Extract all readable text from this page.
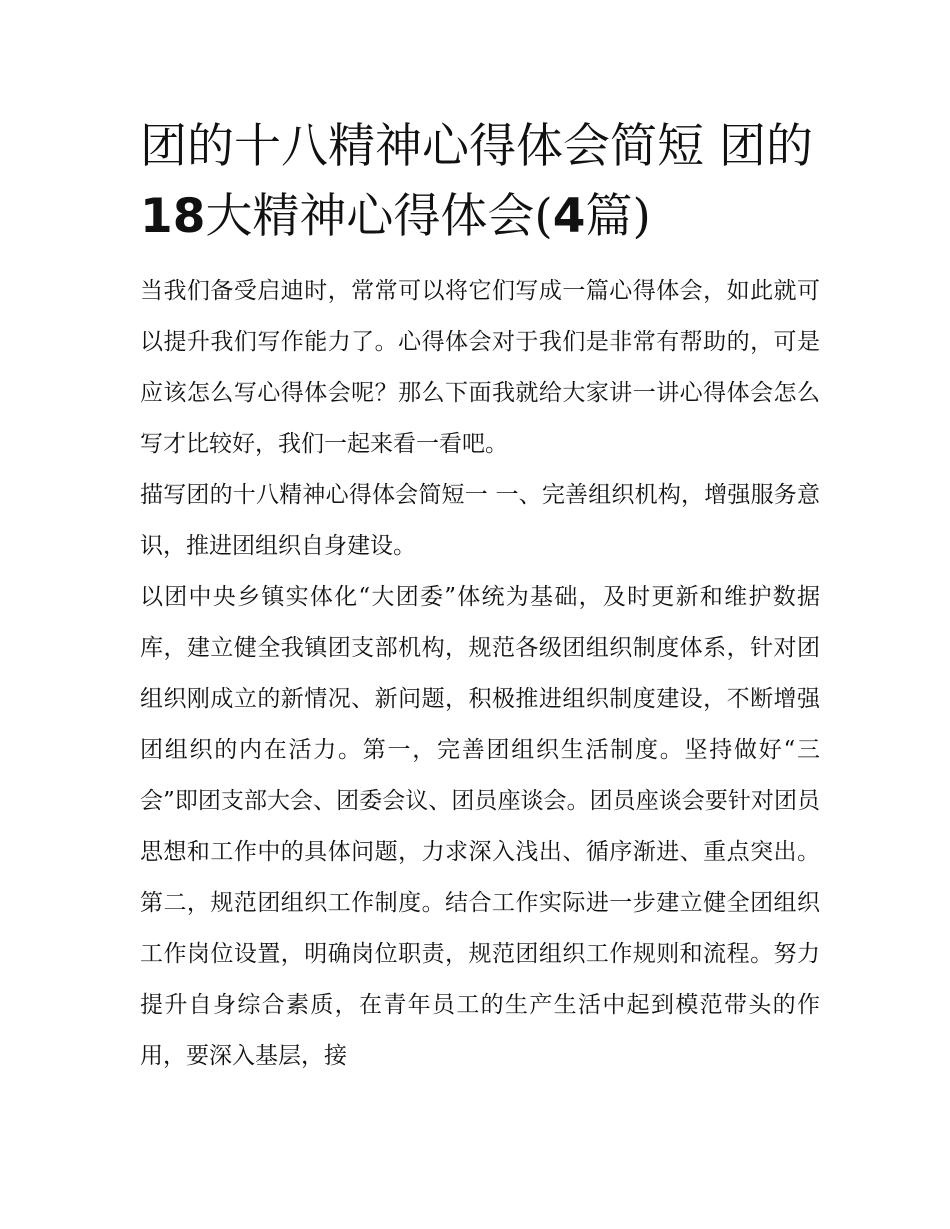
团的十八精神心得体会简短 团的18大精神心得体会(4篇)

当我们备受启迪时，常常可以将它们写成一篇心得体会，如此就可以提升我们写作能力了。心得体会对于我们是非常有帮助的，可是应该怎么写心得体会呢？那么下面我就给大家讲一讲心得体会怎么写才比较好，我们一起来看一看吧。

描写团的十八精神心得体会简短一 一、完善组织机构，增强服务意识，推进团组织自身建设。

以团中央乡镇实体化“大团委”体统为基础，及时更新和维护数据库，建立健全我镇团支部机构，规范各级团组织制度体系，针对团组织刚成立的新情况、新问题，积极推进组织制度建设，不断增强团组织的内在活力。第一，完善团组织生活制度。坚持做好“三会”即团支部大会、团委会议、团员座谈会。团员座谈会要针对团员思想和工作中的具体问题，力求深入浅出、循序渐进、重点突出。第二，规范团组织工作制度。结合工作实际进一步建立健全团组织工作岗位设置，明确岗位职责，规范团组织工作规则和流程。努力提升自身综合素质，在青年员工的生产生活中起到模范带头的作用，要深入基层，接
